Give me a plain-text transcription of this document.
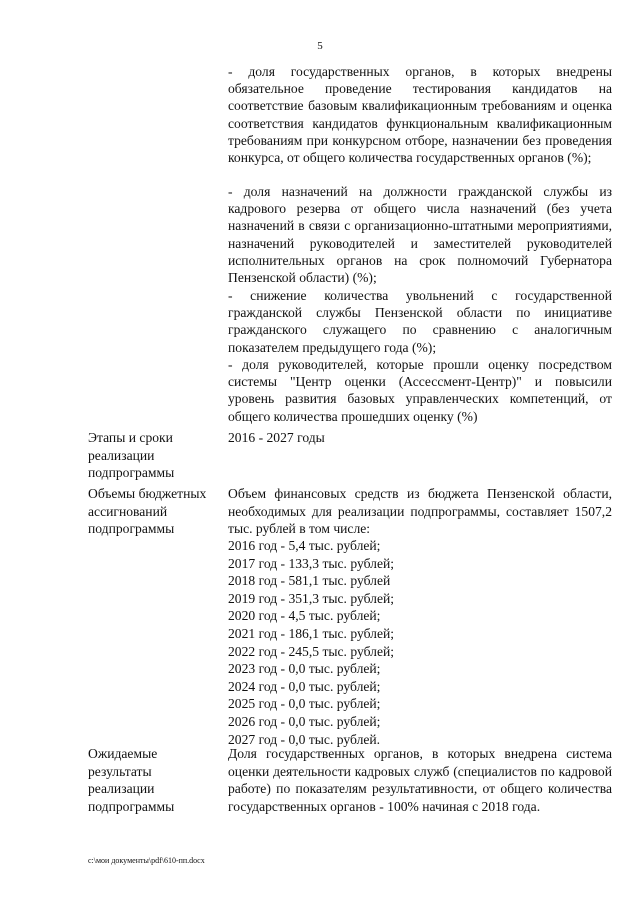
5

- доля государственных органов, в которых внедрены обязательное проведение тестирования кандидатов на соответствие базовым квалификационным требованиям и оценка соответствия кандидатов функциональным квалификационным требованиям при конкурсном отборе, назначении без проведения конкурса, от общего количества государственных органов (%);

- доля назначений на должности гражданской службы из кадрового резерва от общего числа назначений (без учета назначений в связи с организационно-штатными мероприятиями, назначений руководителей и заместителей руководителей исполнительных органов на срок полномочий Губернатора Пензенской области) (%);

- снижение количества увольнений с государственной гражданской службы Пензенской области по инициативе гражданского служащего по сравнению с аналогичным показателем предыдущего года (%);

- доля руководителей, которые прошли оценку посредством системы "Центр оценки (Ассессмент-Центр)" и повысили уровень развития базовых управленческих компетенций, от общего количества прошедших оценку (%)

Этапы и сроки реализации подпрограммы

2016 - 2027 годы

Объемы бюджетных ассигнований подпрограммы

Объем финансовых средств из бюджета Пензенской области, необходимых для реализации подпрограммы, составляет 1507,2 тыс. рублей в том числе:

2016 год - 5,4 тыс. рублей;
2017 год - 133,3 тыс. рублей;
2018 год - 581,1 тыс. рублей
2019 год - 351,3 тыс. рублей;
2020 год - 4,5 тыс. рублей;
2021 год - 186,1 тыс. рублей;
2022 год - 245,5 тыс. рублей;
2023 год - 0,0 тыс. рублей;
2024 год - 0,0 тыс. рублей;
2025 год - 0,0 тыс. рублей;
2026 год - 0,0 тыс. рублей;
2027 год - 0,0 тыс. рублей.

Ожидаемые результаты реализации подпрограммы

Доля государственных органов, в которых внедрена система оценки деятельности кадровых служб (специалистов по кадровой работе) по показателям результативности, от общего количества государственных органов - 100% начиная с 2018 года.

c:\мои документы\pdf\610-пп.docx
